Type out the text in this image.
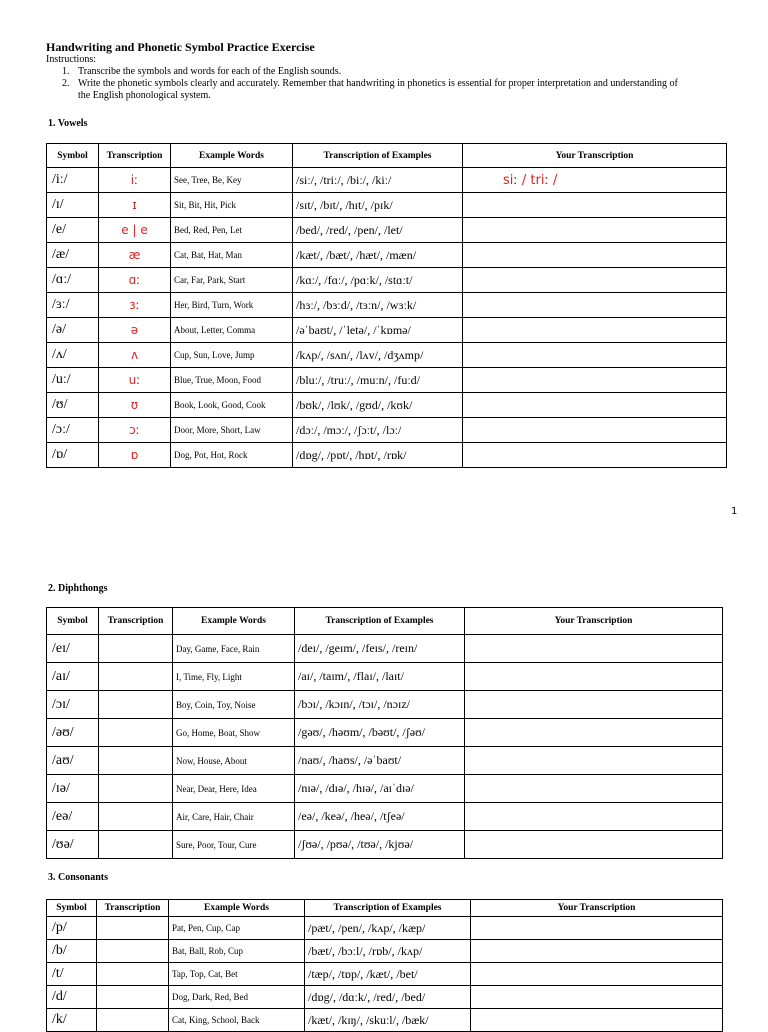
Handwriting and Phonetic Symbol Practice Exercise
Instructions:
1. Transcribe the symbols and words for each of the English sounds.
2. Write the phonetic symbols clearly and accurately. Remember that handwriting in phonetics is essential for proper interpretation and understanding of the English phonological system.
1. Vowels
Symbol	Transcription	Example Words	Transcription of Examples	Your Transcription
/iː/	iː	See, Tree, Be, Key	/siː/, /triː/, /biː/, /kiː/	siː / triː /
/ɪ/	ɪ	Sit, Bit, Hit, Pick	/sɪt/, /bɪt/, /hɪt/, /pɪk/	
/e/	e | e	Bed, Red, Pen, Let	/bed/, /red/, /pen/, /let/	
/æ/	æ	Cat, Bat, Hat, Man	/kæt/, /bæt/, /hæt/, /mæn/	
/ɑː/	ɑː	Car, Far, Park, Start	/kɑː/, /fɑː/, /pɑːk/, /stɑːt/	
/ɜː/	ɜː	Her, Bird, Turn, Work	/hɜː/, /bɜːd/, /tɜːn/, /wɜːk/	
/ə/	ə	About, Letter, Comma	/əˈbaʊt/, /ˈletə/, /ˈkɒmə/	
/ʌ/	ʌ	Cup, Sun, Love, Jump	/kʌp/, /sʌn/, /lʌv/, /dʒʌmp/	
/uː/	uː	Blue, True, Moon, Food	/bluː/, /truː/, /muːn/, /fuːd/	
/ʊ/	ʊ	Book, Look, Good, Cook	/bʊk/, /lʊk/, /gʊd/, /kʊk/	
/ɔː/	ɔː	Door, More, Short, Law	/dɔː/, /mɔː/, /ʃɔːt/, /lɔː/	
/ɒ/	ɒ	Dog, Pot, Hot, Rock	/dɒg/, /pɒt/, /hɒt/, /rɒk/	
1
2. Diphthongs
Symbol	Transcription	Example Words	Transcription of Examples	Your Transcription
/eɪ/		Day, Game, Face, Rain	/deɪ/, /geɪm/, /feɪs/, /reɪn/	
/aɪ/		I, Time, Fly, Light	/aɪ/, /taɪm/, /flaɪ/, /laɪt/	
/ɔɪ/		Boy, Coin, Toy, Noise	/bɔɪ/, /kɔɪn/, /tɔɪ/, /nɔɪz/	
/əʊ/		Go, Home, Boat, Show	/gəʊ/, /həʊm/, /bəʊt/, /ʃəʊ/	
/aʊ/		Now, House, About	/naʊ/, /haʊs/, /əˈbaʊt/	
/ɪə/		Near, Dear, Here, Idea	/nɪə/, /dɪə/, /hɪə/, /aɪˈdɪə/	
/eə/		Air, Care, Hair, Chair	/eə/, /keə/, /heə/, /tʃeə/	
/ʊə/		Sure, Poor, Tour, Cure	/ʃʊə/, /pʊə/, /tʊə/, /kjʊə/	
3. Consonants
Symbol	Transcription	Example Words	Transcription of Examples	Your Transcription
/p/		Pat, Pen, Cup, Cap	/pæt/, /pen/, /kʌp/, /kæp/	
/b/		Bat, Ball, Rob, Cup	/bæt/, /bɔːl/, /rɒb/, /kʌp/	
/t/		Tap, Top, Cat, Bet	/tæp/, /tɒp/, /kæt/, /bet/	
/d/		Dog, Dark, Red, Bed	/dɒg/, /dɑːk/, /red/, /bed/	
/k/		Cat, King, School, Back	/kæt/, /kɪŋ/, /skuːl/, /bæk/	
